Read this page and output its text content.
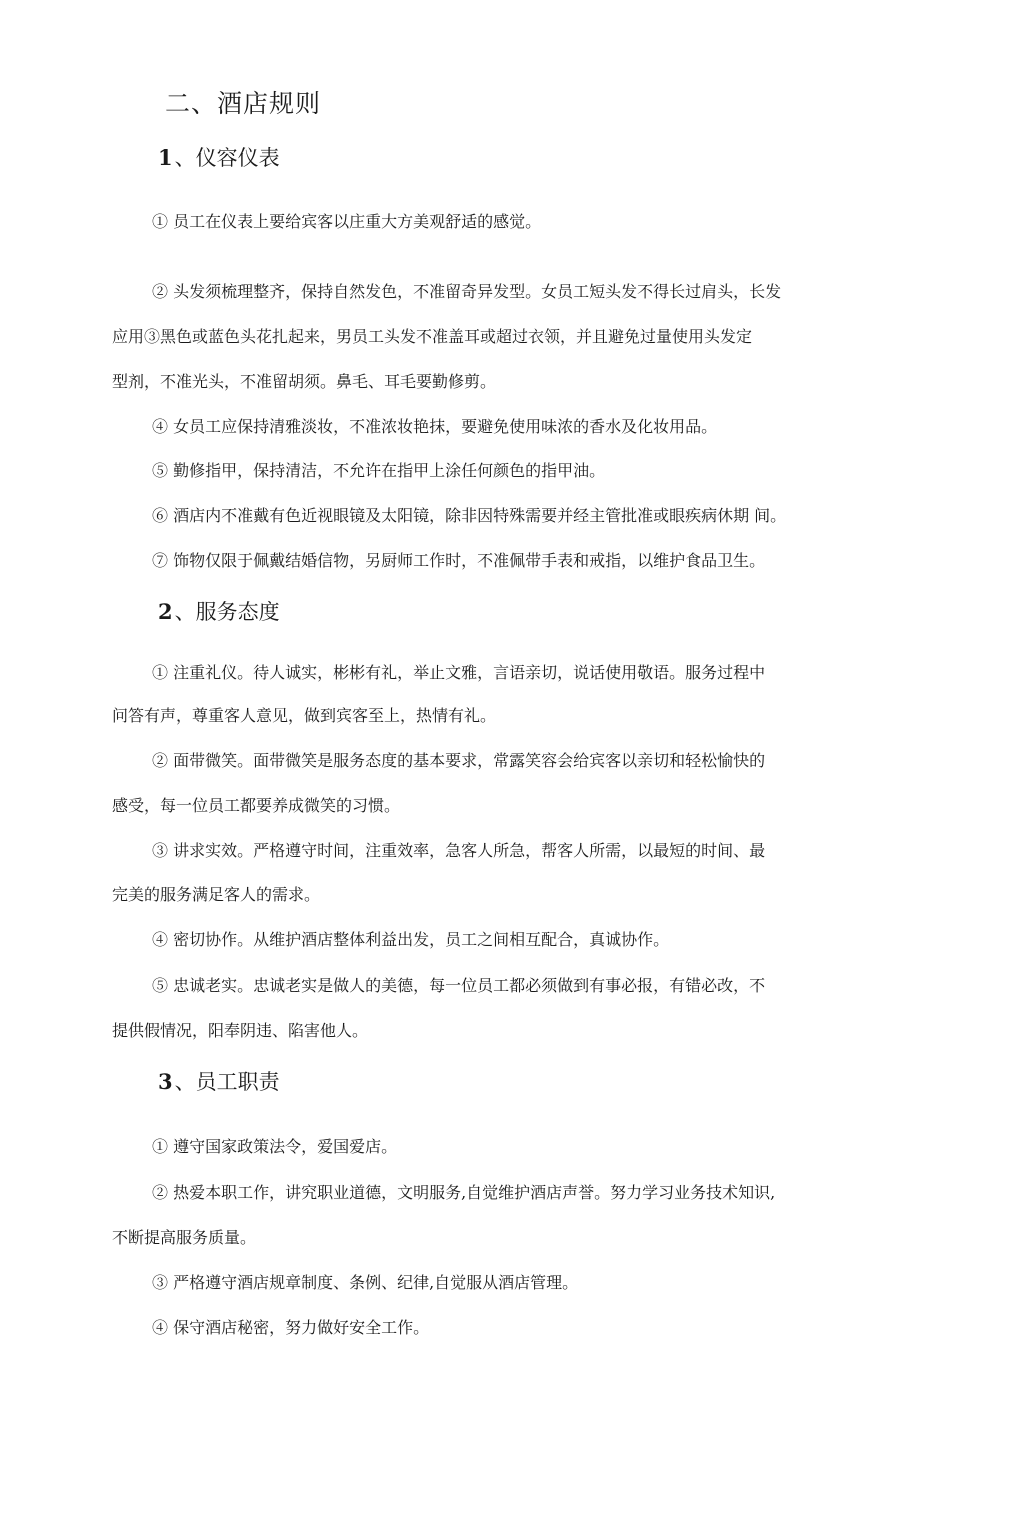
二、酒店规则
1、仪容仪表
① 员工在仪表上要给宾客以庄重大方美观舒适的感觉。
② 头发须梳理整齐，保持自然发色，不准留奇异发型。女员工短头发不得长过肩头，长发
应用③黑色或蓝色头花扎起来，男员工头发不准盖耳或超过衣领，并且避免过量使用头发定
型剂，不准光头，不准留胡须。鼻毛、耳毛要勤修剪。
④ 女员工应保持清雅淡妆，不准浓妆艳抹，要避免使用味浓的香水及化妆用品。
⑤ 勤修指甲，保持清洁，不允许在指甲上涂任何颜色的指甲油。
⑥ 酒店内不准戴有色近视眼镜及太阳镜，除非因特殊需要并经主管批准或眼疾病休期 间。
⑦ 饰物仅限于佩戴结婚信物，另厨师工作时，不准佩带手表和戒指，以维护食品卫生。
2、服务态度
① 注重礼仪。待人诚实，彬彬有礼，举止文雅，言语亲切，说话使用敬语。服务过程中
问答有声，尊重客人意见，做到宾客至上，热情有礼。
② 面带微笑。面带微笑是服务态度的基本要求，常露笑容会给宾客以亲切和轻松愉快的
感受，每一位员工都要养成微笑的习惯。
③ 讲求实效。严格遵守时间，注重效率，急客人所急，帮客人所需，以最短的时间、最
完美的服务满足客人的需求。
④ 密切协作。从维护酒店整体利益出发，员工之间相互配合，真诚协作。
⑤ 忠诚老实。忠诚老实是做人的美德，每一位员工都必须做到有事必报，有错必改，不
提供假情况，阳奉阴违、陷害他人。
3、员工职责
① 遵守国家政策法令，爱国爱店。
② 热爱本职工作，讲究职业道德，文明服务,自觉维护酒店声誉。努力学习业务技术知识,
不断提高服务质量。
③ 严格遵守酒店规章制度、条例、纪律,自觉服从酒店管理。
④ 保守酒店秘密，努力做好安全工作。
